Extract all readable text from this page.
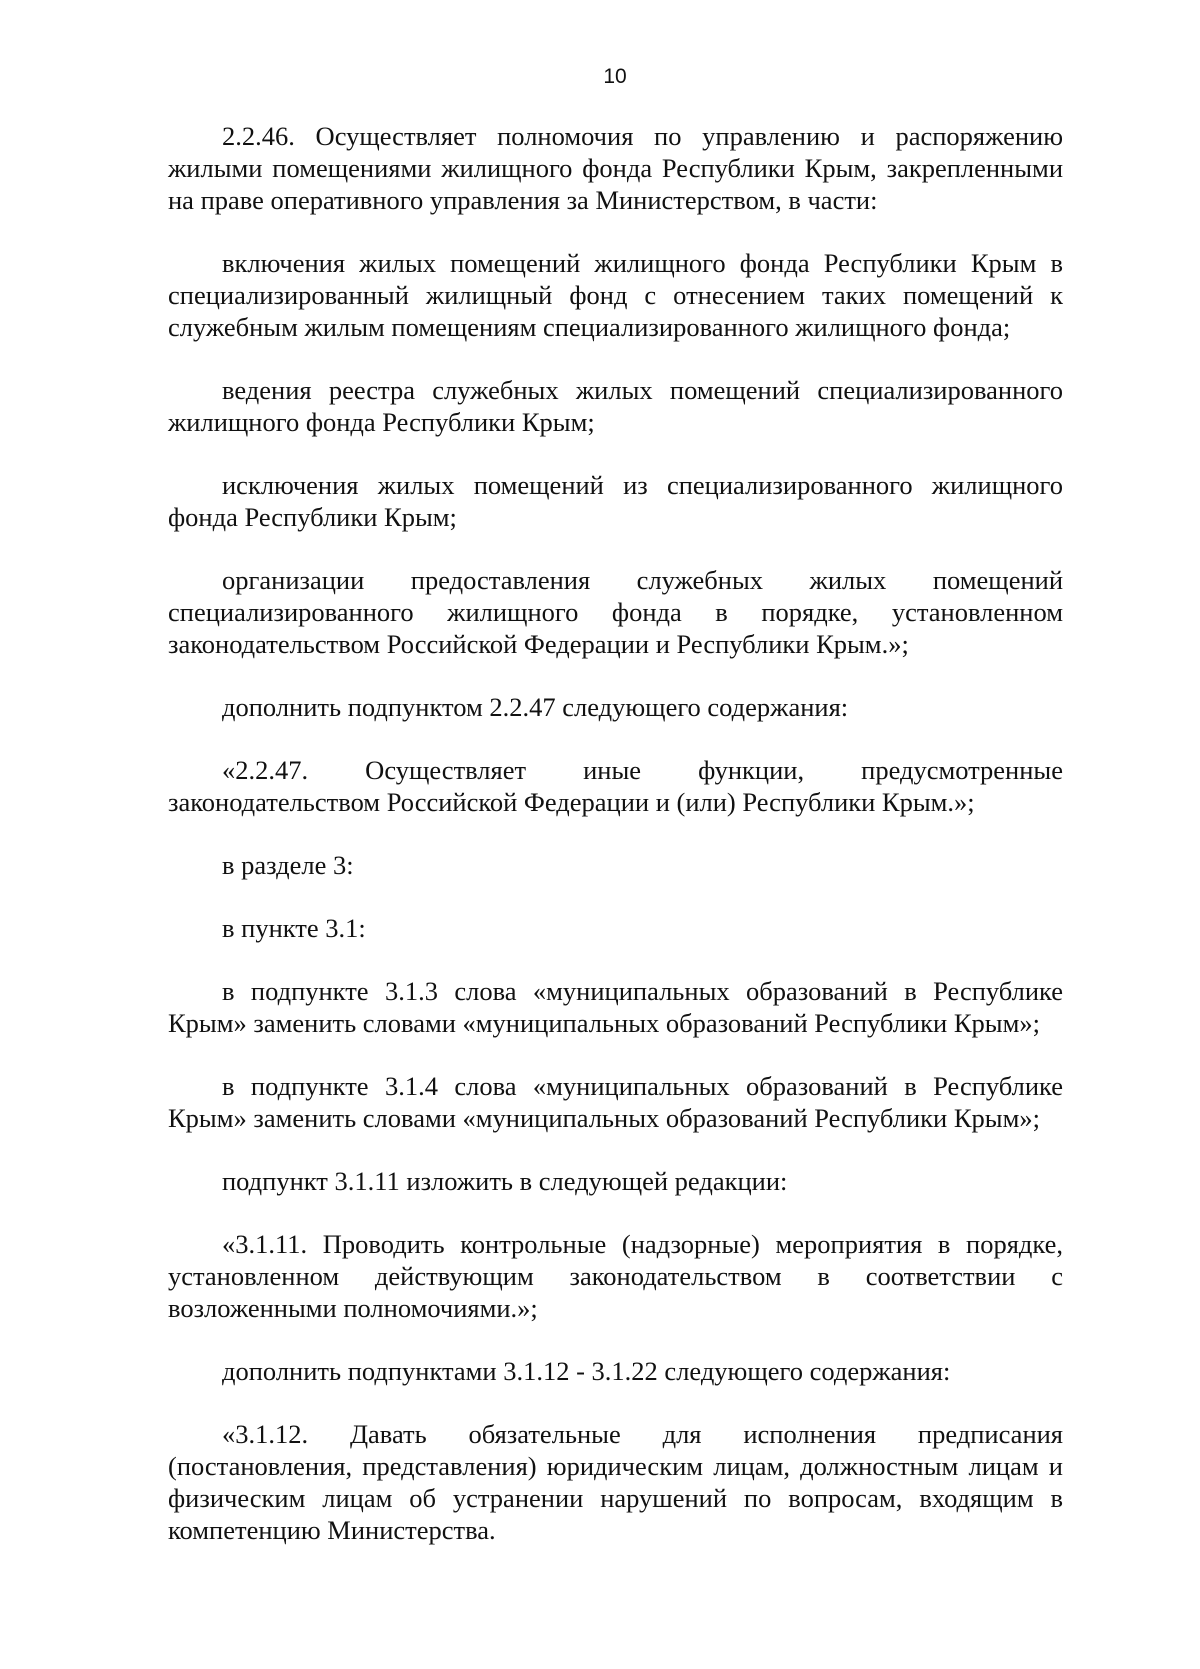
10

2.2.46. Осуществляет полномочия по управлению и распоряжению жилыми помещениями жилищного фонда Республики Крым, закрепленными на праве оперативного управления за Министерством, в части:

включения жилых помещений жилищного фонда Республики Крым в специализированный жилищный фонд с отнесением таких помещений к служебным жилым помещениям специализированного жилищного фонда;

ведения реестра служебных жилых помещений специализированного жилищного фонда Республики Крым;

исключения жилых помещений из специализированного жилищного фонда Республики Крым;

организации предоставления служебных жилых помещений специализированного жилищного фонда в порядке, установленном законодательством Российской Федерации и Республики Крым.»;

дополнить подпунктом 2.2.47 следующего содержания:

«2.2.47. Осуществляет иные функции, предусмотренные законодательством Российской Федерации и (или) Республики Крым.»;

в разделе 3:

в пункте 3.1:

в подпункте 3.1.3 слова «муниципальных образований в Республике Крым» заменить словами «муниципальных образований Республики Крым»;

в подпункте 3.1.4 слова «муниципальных образований в Республике Крым» заменить словами «муниципальных образований Республики Крым»;

подпункт 3.1.11 изложить в следующей редакции:

«3.1.11. Проводить контрольные (надзорные) мероприятия в порядке, установленном действующим законодательством в соответствии с возложенными полномочиями.»;

дополнить подпунктами 3.1.12 - 3.1.22 следующего содержания:

«3.1.12. Давать обязательные для исполнения предписания (постановления, представления) юридическим лицам, должностным лицам и физическим лицам об устранении нарушений по вопросам, входящим в компетенцию Министерства.
